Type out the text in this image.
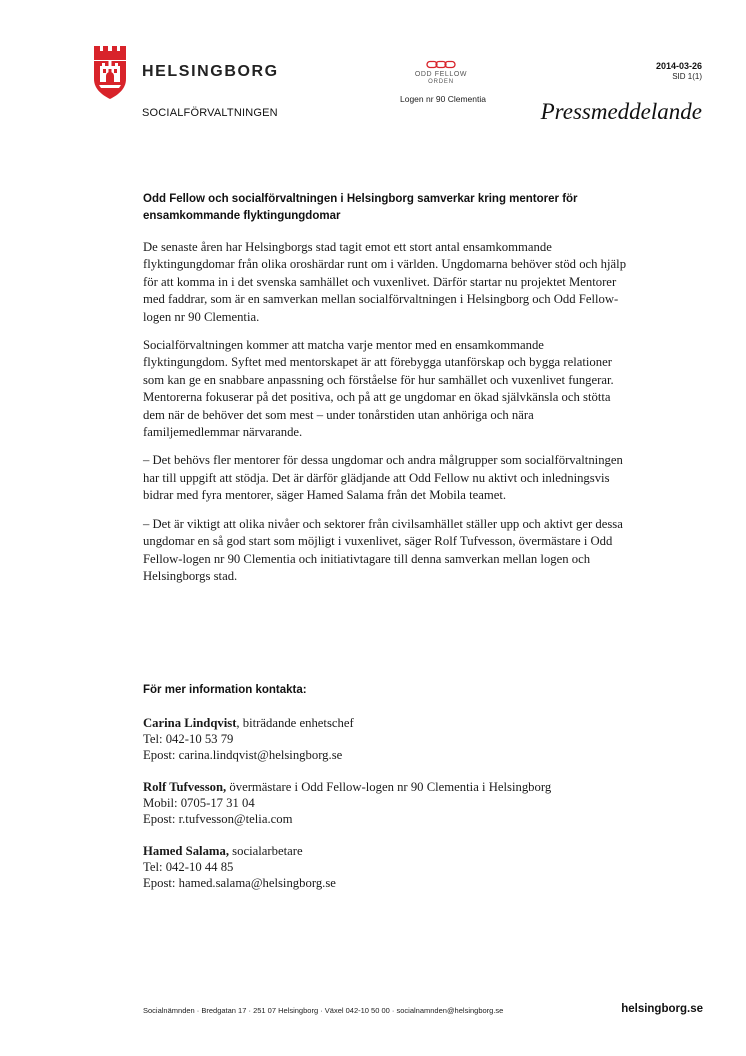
HELSINGBORG
SOCIALFÖRVALTNINGEN
ODD FELLOW
ORDEN
Logen nr 90 Clementia
2014-03-26
SID 1(1)
Pressmeddelande
Odd Fellow och socialförvaltningen i Helsingborg samverkar kring mentorer för ensamkommande flyktingungdomar

De senaste åren har Helsingborgs stad tagit emot ett stort antal ensamkommande flyktingungdomar från olika oroshärdar runt om i världen. Ungdomarna behöver stöd och hjälp för att komma in i det svenska samhället och vuxenlivet. Därför startar nu projektet Mentorer med faddrar, som är en samverkan mellan socialförvaltningen i Helsingborg och Odd Fellow-logen nr 90 Clementia.

Socialförvaltningen kommer att matcha varje mentor med en ensamkommande flyktingungdom. Syftet med mentorskapet är att förebygga utanförskap och bygga relationer som kan ge en snabbare anpassning och förståelse för hur samhället och vuxenlivet fungerar. Mentorerna fokuserar på det positiva, och på att ge ungdomar en ökad självkänsla och stötta dem när de behöver det som mest – under tonårstiden utan anhöriga och nära familjemedlemmar närvarande.

– Det behövs fler mentorer för dessa ungdomar och andra målgrupper som socialförvaltningen har till uppgift att stödja. Det är därför glädjande att Odd Fellow nu aktivt och inledningsvis bidrar med fyra mentorer, säger Hamed Salama från det Mobila teamet.

– Det är viktigt att olika nivåer och sektorer från civilsamhället ställer upp och aktivt ger dessa ungdomar en så god start som möjligt i vuxenlivet, säger Rolf Tufvesson, övermästare i Odd Fellow-logen nr 90 Clementia och initiativtagare till denna samverkan mellan logen och Helsingborgs stad.

För mer information kontakta:
Carina Lindqvist, biträdande enhetschef
Tel: 042-10 53 79
Epost: carina.lindqvist@helsingborg.se
Rolf Tufvesson, övermästare i Odd Fellow-logen nr 90 Clementia i Helsingborg
Mobil: 0705-17 31 04
Epost: r.tufvesson@telia.com
Hamed Salama, socialarbetare
Tel: 042-10 44 85
Epost: hamed.salama@helsingborg.se
Socialnämnden · Bredgatan 17 · 251 07 Helsingborg · Växel 042-10 50 00 · socialnamnden@helsingborg.se	helsingborg.se
